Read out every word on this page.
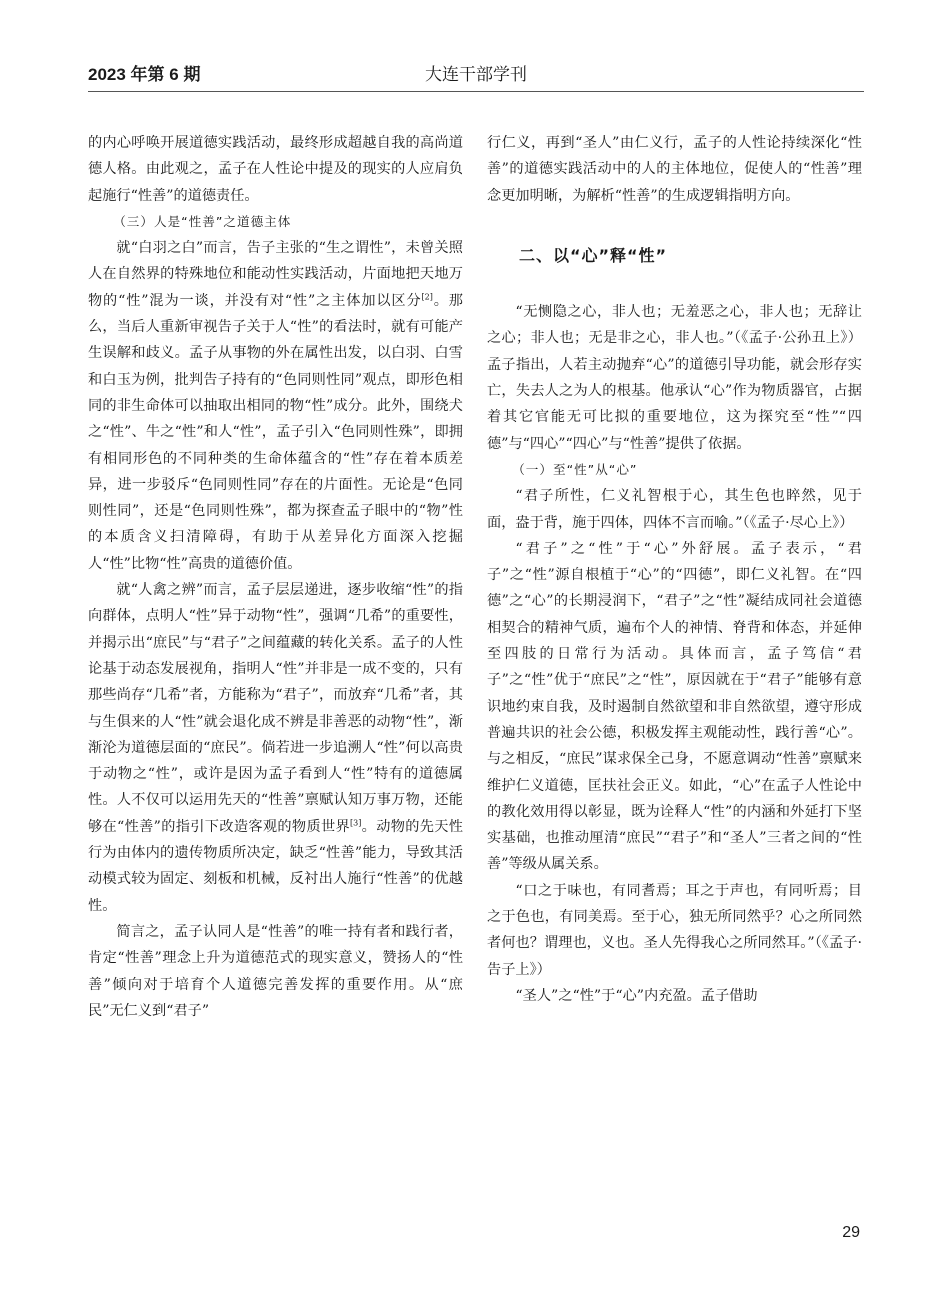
2023 年第 6 期	大连干部学刊

的内心呼唤开展道德实践活动，最终形成超越自我的高尚道德人格。由此观之，孟子在人性论中提及的现实的人应肩负起施行“性善”的道德责任。

（三）人是“性善”之道德主体

就“白羽之白”而言，告子主张的“生之谓性”，未曾关照人在自然界的特殊地位和能动性实践活动，片面地把天地万物的“性”混为一谈，并没有对“性”之主体加以区分[2]。那么，当后人重新审视告子关于人“性”的看法时，就有可能产生误解和歧义。孟子从事物的外在属性出发，以白羽、白雪和白玉为例，批判告子持有的“色同则性同”观点，即形色相同的非生命体可以抽取出相同的物“性”成分。此外，围绕犬之“性”、牛之“性”和人“性”，孟子引入“色同则性殊”，即拥有相同形色的不同种类的生命体蕴含的“性”存在着本质差异，进一步驳斥“色同则性同”存在的片面性。无论是“色同则性同”，还是“色同则性殊”，都为探查孟子眼中的“物”性的本质含义扫清障碍，有助于从差异化方面深入挖掘人“性”比物“性”高贵的道德价值。

就“人禽之辨”而言，孟子层层递进，逐步收缩“性”的指向群体，点明人“性”异于动物“性”，强调“几希”的重要性，并揭示出“庶民”与“君子”之间蕴藏的转化关系。孟子的人性论基于动态发展视角，指明人“性”并非是一成不变的，只有那些尚存“几希”者，方能称为“君子”，而放弃“几希”者，其与生俱来的人“性”就会退化成不辨是非善恶的动物“性”，渐渐沦为道德层面的“庶民”。倘若进一步追溯人“性”何以高贵于动物之“性”，或许是因为孟子看到人“性”特有的道德属性。人不仅可以运用先天的“性善”禀赋认知万事万物，还能够在“性善”的指引下改造客观的物质世界[3]。动物的先天性行为由体内的遗传物质所决定，缺乏“性善”能力，导致其活动模式较为固定、刻板和机械，反衬出人施行“性善”的优越性。

简言之，孟子认同人是“性善”的唯一持有者和践行者，肯定“性善”理念上升为道德范式的现实意义，赞扬人的“性善”倾向对于培育个人道德完善发挥的重要作用。从“庶民”无仁义到“君子”

行仁义，再到“圣人”由仁义行，孟子的人性论持续深化“性善”的道德实践活动中的人的主体地位，促使人的“性善”理念更加明晰，为解析“性善”的生成逻辑指明方向。

二、以“心”释“性”

“无恻隐之心，非人也；无羞恶之心，非人也；无辞让之心；非人也；无是非之心，非人也。”（《孟子·公孙丑上》）孟子指出，人若主动抛弃“心”的道德引导功能，就会形存实亡，失去人之为人的根基。他承认“心”作为物质器官，占据着其它官能无可比拟的重要地位，这为探究至“性”“四德”与“四心”“四心”与“性善”提供了依据。

（一）至“性”从“心”

“君子所性，仁义礼智根于心，其生色也睟然，见于面，盎于背，施于四体，四体不言而喻。”（《孟子·尽心上》）

“君子”之“性”于“心”外舒展。孟子表示，“君子”之“性”源自根植于“心”的“四德”，即仁义礼智。在“四德”之“心”的长期浸润下，“君子”之“性”凝结成同社会道德相契合的精神气质，遍布个人的神情、脊背和体态，并延伸至四肢的日常行为活动。具体而言，孟子笃信“君子”之“性”优于“庶民”之“性”，原因就在于“君子”能够有意识地约束自我，及时遏制自然欲望和非自然欲望，遵守形成普遍共识的社会公德，积极发挥主观能动性，践行善“心”。与之相反，“庶民”谋求保全己身，不愿意调动“性善”禀赋来维护仁义道德，匡扶社会正义。如此，“心”在孟子人性论中的教化效用得以彰显，既为诠释人“性”的内涵和外延打下坚实基础，也推动厘清“庶民”“君子”和“圣人”三者之间的“性善”等级从属关系。

“口之于味也，有同耆焉；耳之于声也，有同听焉；目之于色也，有同美焉。至于心，独无所同然乎？心之所同然者何也？谓理也，义也。圣人先得我心之所同然耳。”（《孟子·告子上》）

“圣人”之“性”于“心”内充盈。孟子借助

29
